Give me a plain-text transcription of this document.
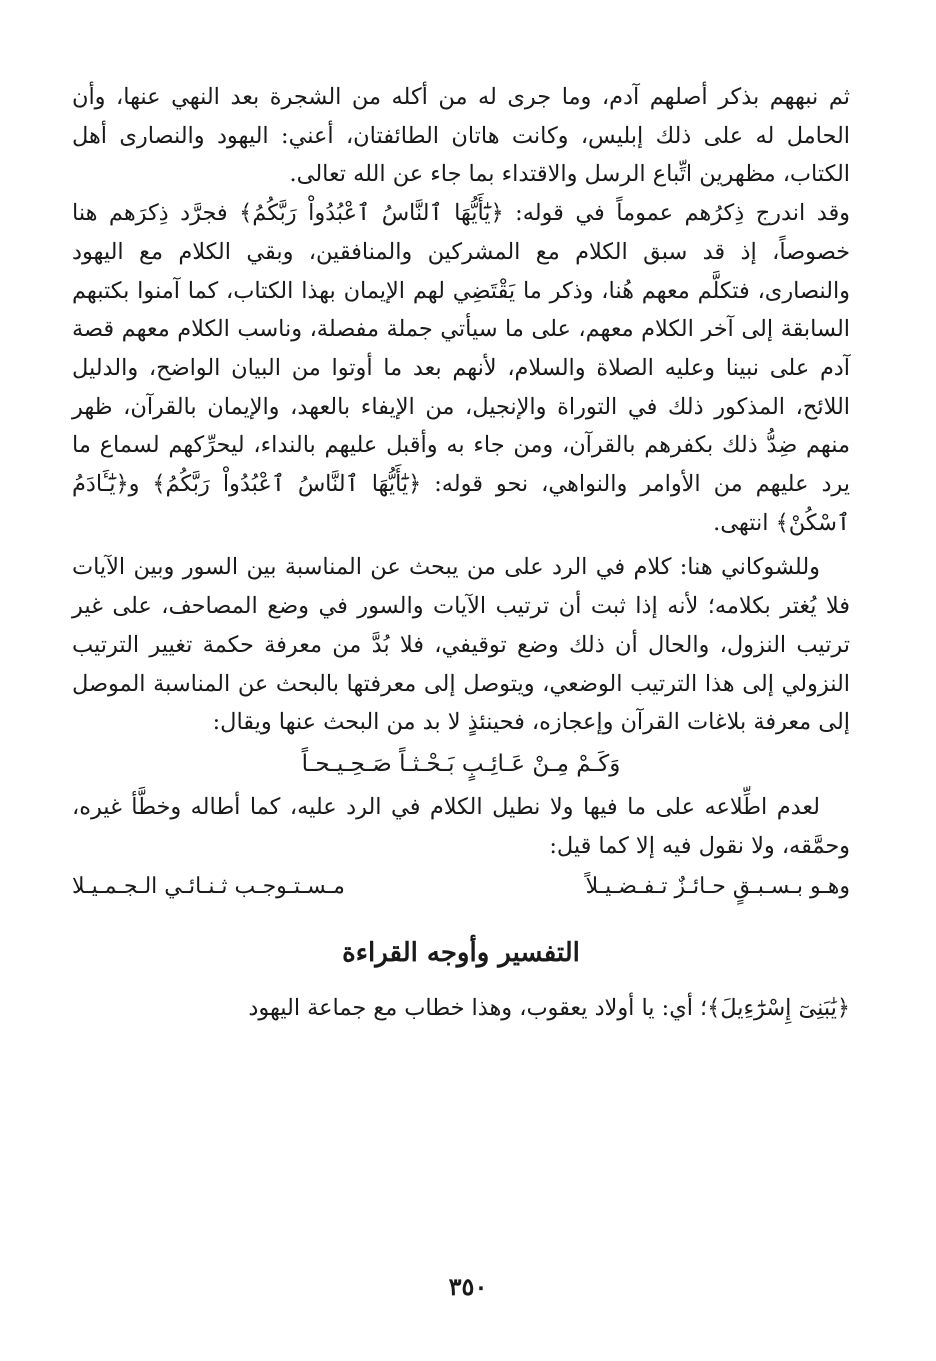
ثم نبههم بذكر أصلهم آدم، وما جرى له من أكله من الشجرة بعد النهي عنها، وأن الحامل له على ذلك إبليس، وكانت هاتان الطائفتان، أعني: اليهود والنصارى أهل الكتاب، مظهرين اتِّباع الرسل والاقتداء بما جاء عن الله تعالى.

وقد اندرج ذِكرُهم عموماً في قوله: ﴿يَٰٓأَيُّهَا ٱلنَّاسُ ٱعْبُدُواْ رَبَّكُمُ﴾ فجرَّد ذِكرَهم هنا خصوصاً، إذ قد سبق الكلام مع المشركين والمنافقين، وبقي الكلام مع اليهود والنصارى، فتكلَّم معهم هُنا، وذكر ما يَقْتَضِي لهم الإيمان بهذا الكتاب، كما آمنوا بكتبهم السابقة إلى آخر الكلام معهم، على ما سيأتي جملة مفصلة، وناسب الكلام معهم قصة آدم على نبينا وعليه الصلاة والسلام، لأنهم بعد ما أوتوا من البيان الواضح، والدليل اللائح، المذكور ذلك في التوراة والإنجيل، من الإيفاء بالعهد، والإيمان بالقرآن، ظهر منهم ضِدُّ ذلك بكفرهم بالقرآن، ومن جاء به وأقبل عليهم بالنداء، ليحرِّكهم لسماع ما يرد عليهم من الأوامر والنواهي، نحو قوله: ﴿يَٰٓأَيُّهَا ٱلنَّاسُ ٱعْبُدُواْ رَبَّكُمُ﴾ و﴿يَٰٓـَٔادَمُ ٱسْكُنْ﴾ انتهى.

وللشوكاني هنا: كلام في الرد على من يبحث عن المناسبة بين السور وبين الآيات فلا يُغتر بكلامه؛ لأنه إذا ثبت أن ترتيب الآيات والسور في وضع المصاحف، على غير ترتيب النزول، والحال أن ذلك وضع توقيفي، فلا بُدَّ من معرفة حكمة تغيير الترتيب النزولي إلى هذا الترتيب الوضعي، ويتوصل إلى معرفتها بالبحث عن المناسبة الموصل إلى معرفة بلاغات القرآن وإعجازه، فحينئذٍ لا بد من البحث عنها ويقال:

وَكَـمْ مِـنْ عَـائِـبٍ بَـحْـثـاً صَـحِـيـحـاً

لعدم اطِّلاعه على ما فيها ولا نطيل الكلام في الرد عليه، كما أطاله وخطَّأ غيره، وحمَّقه، ولا نقول فيه إلا كما قيل:

وهـو بـسـبـقٍ حـائـزٌ تـفـضـيـلاً
مـسـتـوجـب ثـنـائـي الـجـمـيـلا
التفسير وأوجه القراءة

﴿يَٰبَنِىٓ إِسْرَٰٓءِيلَ﴾؛ أي: يا أولاد يعقوب، وهذا خطاب مع جماعة اليهود

٣٥٠
